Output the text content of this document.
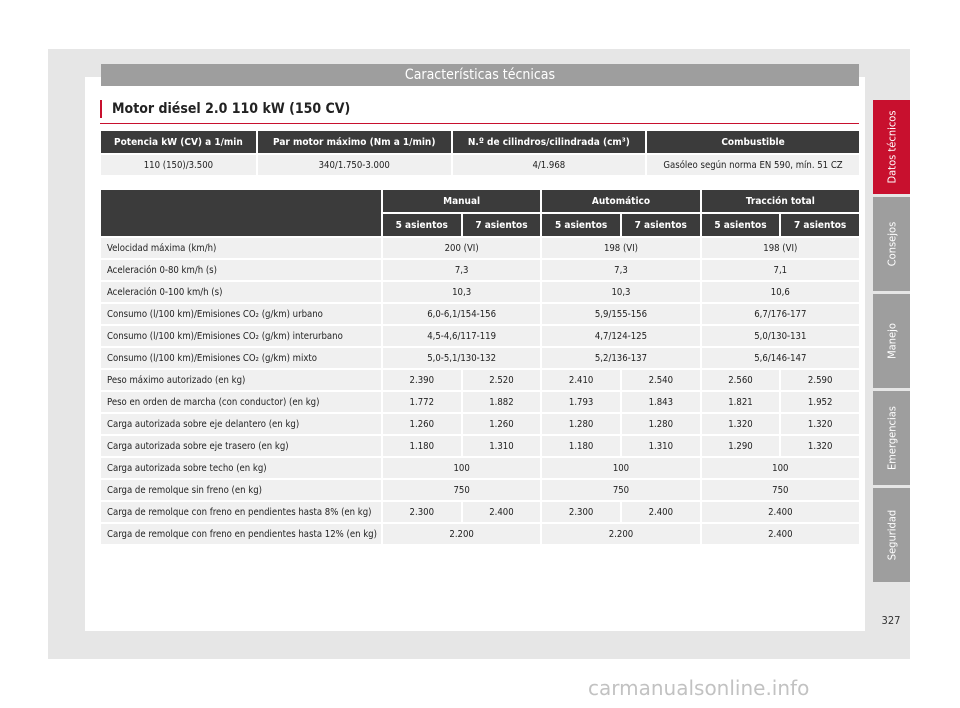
Características técnicas
Motor diésel 2.0 110 kW (150 CV)
Potencia kW (CV) a 1/min	Par motor máximo (Nm a 1/min)	N.º de cilindros/cilindrada (cm³)	Combustible
110 (150)/3.500	340/1.750-3.000	4/1.968	Gasóleo según norma EN 590, mín. 51 CZ
	Manual		Automático		Tracción total	
	5 asientos	7 asientos	5 asientos	7 asientos	5 asientos	7 asientos
Velocidad máxima (km/h)	200 (VI)		198 (VI)		198 (VI)	
Aceleración 0-80 km/h (s)	7,3		7,3		7,1	
Aceleración 0-100 km/h (s)	10,3		10,3		10,6	
Consumo (l/100 km)/Emisiones CO₂ (g/km) urbano	6,0-6,1/154-156		5,9/155-156		6,7/176-177	
Consumo (l/100 km)/Emisiones CO₂ (g/km) interurbano	4,5-4,6/117-119		4,7/124-125		5,0/130-131	
Consumo (l/100 km)/Emisiones CO₂ (g/km) mixto	5,0-5,1/130-132		5,2/136-137		5,6/146-147	
Peso máximo autorizado (en kg)	2.390	2.520	2.410	2.540	2.560	2.590
Peso en orden de marcha (con conductor) (en kg)	1.772	1.882	1.793	1.843	1.821	1.952
Carga autorizada sobre eje delantero (en kg)	1.260	1.260	1.280	1.280	1.320	1.320
Carga autorizada sobre eje trasero (en kg)	1.180	1.310	1.180	1.310	1.290	1.320
Carga autorizada sobre techo (en kg)	100		100		100	
Carga de remolque sin freno (en kg)	750		750		750	
Carga de remolque con freno en pendientes hasta 8% (en kg)	2.300	2.400	2.300	2.400	2.400	
Carga de remolque con freno en pendientes hasta 12% (en kg)	2.200		2.200		2.400	
Datos técnicos
Consejos
Manejo
Emergencias
Seguridad
327
carmanualsonline.info
